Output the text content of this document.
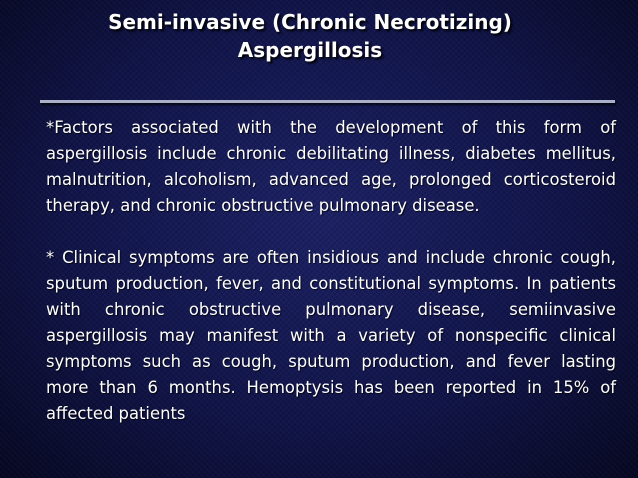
Semi-invasive (Chronic Necrotizing)
Aspergillosis

*Factors associated with the development of this form of aspergillosis include chronic debilitating illness, diabetes mellitus, malnutrition, alcoholism, advanced age, prolonged corticosteroid therapy, and chronic obstructive pulmonary disease.

* Clinical symptoms are often insidious and include chronic cough, sputum production, fever, and constitutional symptoms. In patients with chronic obstructive pulmonary disease, semiinvasive aspergillosis may manifest with a variety of nonspecific clinical symptoms such as cough, sputum production, and fever lasting more than 6 months. Hemoptysis has been reported in 15% of affected patients
